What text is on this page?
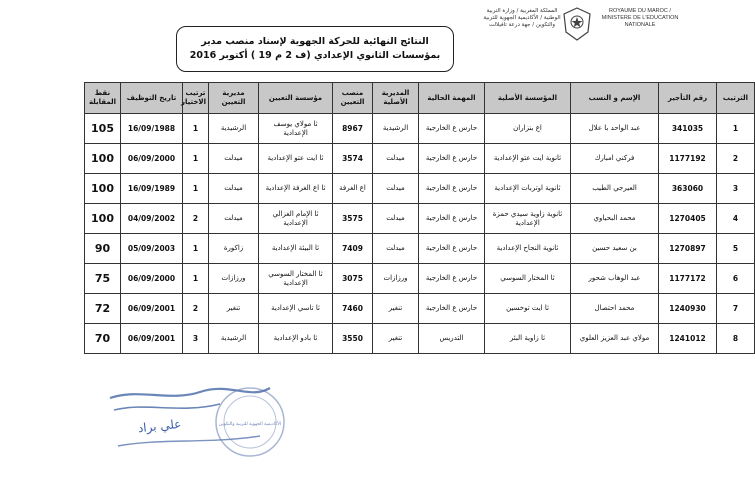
النتائج النهائية للحركة الجهوية لإسناد منصب مدير
بمؤسسات الثانوي الإعدادي (ف 2 م 19 ) أكتوبر 2016
المملكة المغربية / وزارة التربية الوطنية / الأكاديمية الجهوية للتربية والتكوين / جهة درعة تافيلالت
ROYAUME DU MAROC / MINISTERE DE L'EDUCATION NATIONALE
الترتيب	رقم التأجير	الإسم و النسب	المؤسسة الأصلية	المهمة الحالية	المديرية الأصلية	منصب التعيين	مؤسسة التعيين	مديرية التعيين	ترتيب الاختيار	تاريخ التوظيف	نقط المقابلة
1	341035	عبد الواحد با علال	اع بنزاران	حارس ع الخارجية	الرشيدية	8967	ثا مولاي يوسف الإعدادية	الرشيدية	1	16/09/1988	105
2	1177192	فركني امبارك	ثانوية ايت عتو الإعدادية	حارس ع الخارجية	ميدلت	3574	ثا ايت عتو الإعدادية	ميدلت	1	06/09/2000	100
3	363060	العيرجي الطيب	ثانوية اوتربات الإعدادية	حارس ع الخارجية	ميدلت	اع الغرفة	ثا اع الغرفة الإعدادية	ميدلت	1	16/09/1989	100
4	1270405	محمد البحياوي	ثانوية زاوية سيدي حمزة الإعدادية	حارس ع الخارجية	ميدلت	3575	ثا الإمام الغزالي الإعدادية	ميدلت	2	04/09/2002	100
5	1270897	بن سعيد حسين	ثانوية النجاح الإعدادية	حارس ع الخارجية	ميدلت	7409	ثا البيئة الإعدادية	زاكورة	1	05/09/2003	90
6	1177172	عبد الوهاب شحور	ثا المختار السوسي	حارس ع الخارجية	ورزازات	3075	ثا المختار السوسي الإعدادية	ورزازات	1	06/09/2000	75
7	1240930	محمد احتصال	ثا ايت توخسين	حارس ع الخارجية	تنغير	7460	ثا تاسي الإعدادية	تنغير	2	06/09/2001	72
8	1241012	مولاي عبد العزيز العلوي	ثا زاوية البئر	التدريس	تنغير	3550	ثا بادو الإعدادية	الرشيدية	3	06/09/2001	70
الأكاديمية الجهوية للتربية والتكوين
علي براد
